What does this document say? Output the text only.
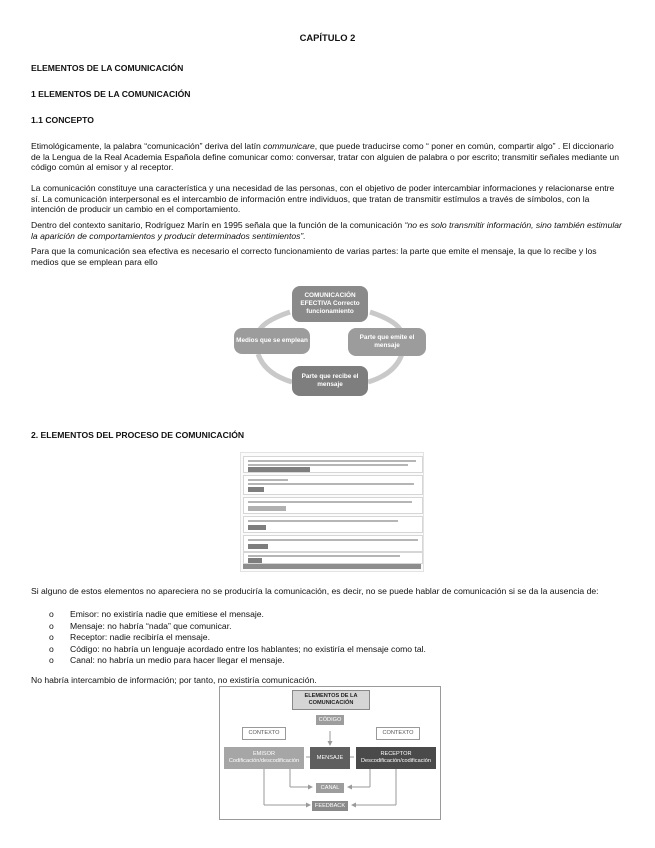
CAPÍTULO 2
ELEMENTOS DE LA COMUNICACIÓN
1 ELEMENTOS DE LA COMUNICACIÓN
1.1 CONCEPTO
Etimológicamente, la palabra “comunicación” deriva del latín communicare, que puede traducirse como “ poner en común, compartir algo” . El diccionario de la Lengua de la Real Academia Española define comunicar como: conversar, tratar con alguien de palabra o por escrito; transmitir señales mediante un código común al emisor y al receptor.
La comunicación constituye una característica y una necesidad de las personas, con el objetivo de poder intercambiar informaciones y relacionarse entre sí. La comunicación interpersonal es el intercambio de información entre individuos, que tratan de transmitir estímulos a través de símbolos, con la intención de producir un cambio en el comportamiento.
Dentro del contexto sanitario, Rodríguez Marín en 1995 señala que la función de la comunicación “no es solo transmitir información, sino también estimular la aparición de comportamientos y producir determinados sentimientos”.
Para que la comunicación sea efectiva es necesario el correcto funcionamiento de varias partes: la parte que emite el mensaje, la que lo recibe y los medios que se emplean para ello
COMUNICACIÓN EFECTIVA Correcto funcionamiento
Parte que emite el mensaje
Parte que recibe el mensaje
Medios que se emplean
2. ELEMENTOS DEL PROCESO DE COMUNICACIÓN
Si alguno de estos elementos no apareciera no se produciría la comunicación, es decir, no se puede hablar de comunicación si se da la ausencia de:
o Emisor: no existiría nadie que emitiese el mensaje.
o Mensaje: no habría “nada” que comunicar.
o Receptor: nadie recibiría el mensaje.
o Código: no habría un lenguaje acordado entre los hablantes; no existiría el mensaje como tal.
o Canal: no habría un medio para hacer llegar el mensaje.
No habría intercambio de información; por tanto, no existiría comunicación.
ELEMENTOS DE LA COMUNICACIÓN
CÓDIGO
CONTEXTO	CONTEXTO
EMISOR
Codificación/descodificación
MENSAJE
RECEPTOR
Descodificación/codificación
CANAL
FEEDBACK
